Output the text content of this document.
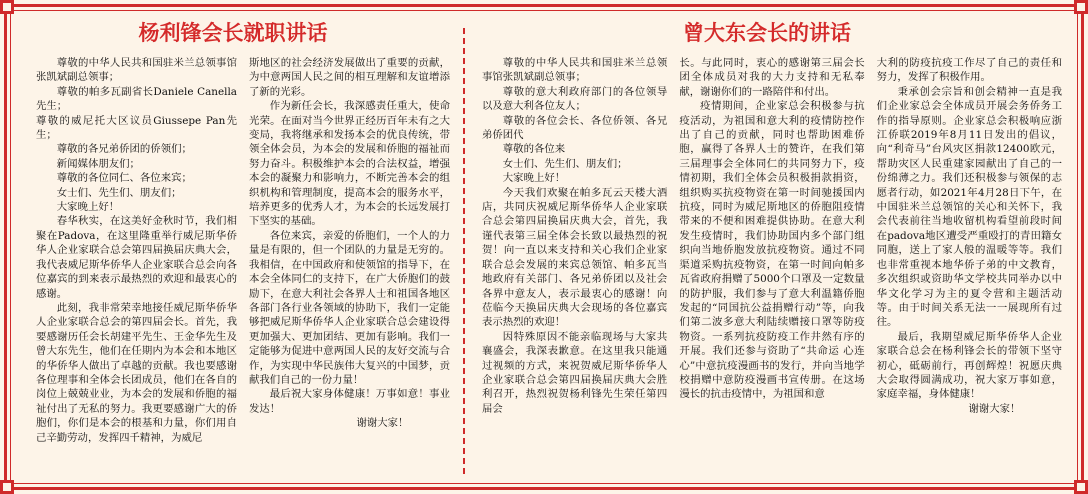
杨利锋会长就职讲话

尊敬的中华人民共和国驻米兰总领事馆张凯斌副总领事；

尊敬的帕多瓦副省长Daniele Canella先生；

尊敬的威尼托大区议员Giussepe Pan先生；

尊敬的各兄弟侨团的侨领们；

新闻媒体朋友们；

尊敬的各位同仁、各位来宾；

女士们、先生们、朋友们；

大家晚上好！

春华秋实，在这美好金秋时节，我们相聚在Padova，在这里隆重举行威尼斯华侨华人企业家联合总会第四届换届庆典大会，我代表威尼斯华侨华人企业家联合总会向各位嘉宾的到来表示最热烈的欢迎和最衷心的感谢。

此刻，我非常荣幸地接任威尼斯华侨华人企业家联合总会的第四届会长。首先，我要感谢历任会长胡建平先生、王金华先生及曾大东先生，他们在任期内为本会和本地区的华侨华人做出了卓越的贡献。我也要感谢各位理事和全体会长团成员，他们在各自的岗位上兢兢业业，为本会的发展和侨胞的福祉付出了无私的努力。我更要感谢广大的侨胞们，你们是本会的根基和力量，你们用自己辛勤劳动，发挥四千精神，为威尼

斯地区的社会经济发展做出了重要的贡献，为中意两国人民之间的相互理解和友谊增添了新的光彩。

作为新任会长，我深感责任重大，使命光荣。在面对当今世界正经历百年未有之大变局，我将继承和发扬本会的优良传统，带领全体会员，为本会的发展和侨胞的福祉而努力奋斗。积极维护本会的合法权益，增强本会的凝聚力和影响力，不断完善本会的组织机构和管理制度，提高本会的服务水平，培养更多的优秀人才，为本会的长远发展打下坚实的基础。

各位来宾，亲爱的侨胞们，一个人的力量是有限的，但一个团队的力量是无穷的。我相信，在中国政府和使领馆的指导下，在本会全体同仁的支持下，在广大侨胞们的鼓励下，在意大利社会各界人士和祖国各地区各部门各行业各领域的协助下，我们一定能够把威尼斯华侨华人企业家联合总会建设得更加强大、更加团结、更加有影响。我们一定能够为促进中意两国人民的友好交流与合作，为实现中华民族伟大复兴的中国梦，贡献我们自己的一份力量！

最后祝大家身体健康！万事如意！事业发达！

谢谢大家！

曾大东会长的讲话

尊敬的中华人民共和国驻米兰总领事馆张凯斌副总领事；

尊敬的意大利政府部门的各位领导以及意大利各位友人；

尊敬的各位会长、各位侨领、各兄弟侨团代

尊敬的各位来

女士们、先生们、朋友们；

大家晚上好！

今天我们欢聚在帕多瓦云天楼大酒店，共同庆祝威尼斯华侨华人企业家联合总会第四届换届庆典大会，首先，我谨代表第三届全体会长致以最热烈的祝贺！向一直以来支持和关心我们企业家联合总会发展的来宾总领馆、帕多瓦当地政府有关部门、各兄弟侨团以及社会各界中意友人，表示最衷心的感谢！向莅临今天换届庆典大会现场的各位嘉宾表示热烈的欢迎！

因特殊原因不能亲临现场与大家共襄盛会，我深表歉意。在这里我只能通过视频的方式，来祝贺威尼斯华侨华人企业家联合总会第四届换届庆典大会胜利召开，热烈祝贺杨利锋先生荣任第四届会

长。与此同时，衷心的感谢第三届会长团全体成员对我的大力支持和无私奉献，谢谢你们的一路陪伴和付出。

疫情期间，企业家总会积极参与抗疫活动，为祖国和意大利的疫情防控作出了自己的贡献，同时也帮助困难侨胞，赢得了各界人士的赞许，在我们第三届理事会全体同仁的共同努力下，疫情初期，我们全体会员积极捐款捐资，组织购买抗疫物资在第一时间驰援国内抗疫，同时为威尼斯地区的侨胞阻疫情带来的不便和困难提供协助。在意大利发生疫情时，我们协助国内多个部门组织向当地侨胞发放抗疫物资。通过不同渠道采购抗疫物资，在第一时间向帕多瓦省政府捐赠了5000个口罩及一定数量的防护服，我们参与了意大利温籍侨胞发起的“同国抗公益捐赠行动”等，向我们第二波多意大利陆续赠接口罩等防疫物资。一系列抗疫防疫工作井然有序的开展。我们还参与资助了“共命运 心连心”中意抗疫漫画书的发行，并向当地学校捐赠中意防疫漫画书宣传册。在这场漫长的抗击疫情中，为祖国和意

大利的防疫抗疫工作尽了自己的责任和努力，发挥了积极作用。

秉承创会宗旨和创会精神一直是我们企业家总会全体成员开展会务侨务工作的指导原则。企业家总会积极响应浙江侨联2019年8月11日发出的倡议，向“利奇马”台风灾区捐款12400欧元，帮助灾区人民重建家园献出了自己的一份绵薄之力。我们还积极参与领保的志愿者行动，如2021年4月28日下午，在中国驻米兰总领馆的关心和关怀下，我会代表前往当地收留机构看望前段时间在padova地区遭受严重殴打的青田籍女同胞，送上了家人般的温暖等等。我们也非常重视本地华侨子弟的中文教育，多次组织或资助华文学校共同举办以中华文化学习为主的夏令营和主题活动等。由于时间关系无法一一展现所有过往。

最后，我期望威尼斯华侨华人企业家联合总会在杨利锋会长的带领下坚守初心，砥砺前行，再创辉煌！祝愿庆典大会取得圆满成功，祝大家万事如意，家庭幸福，身体健康！

谢谢大家！
